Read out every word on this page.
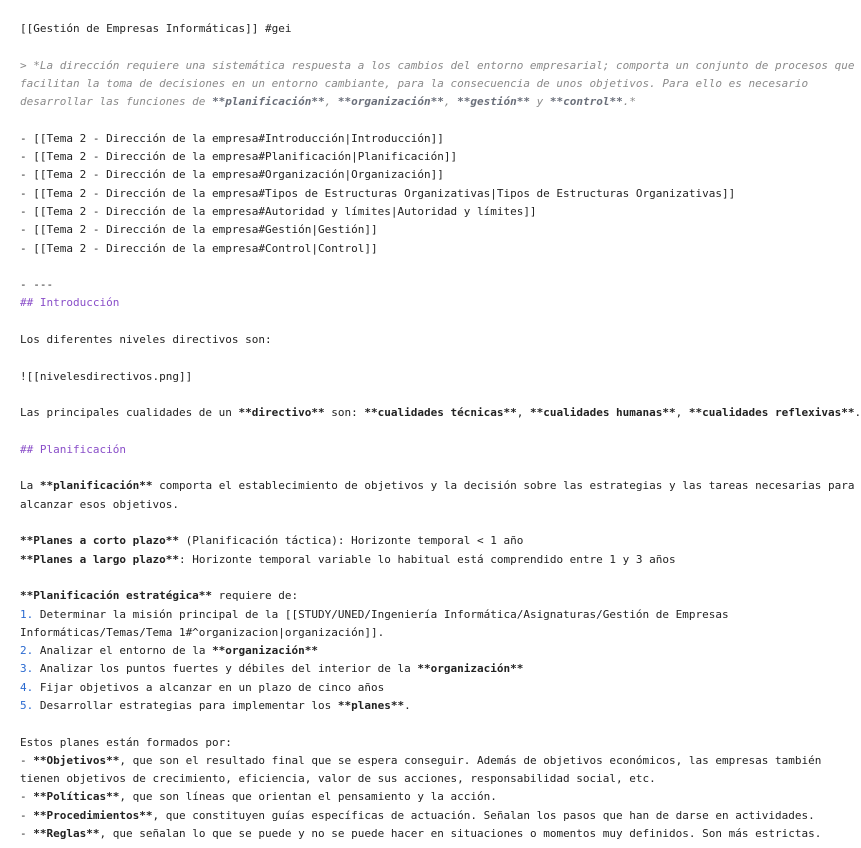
[[Gestión de Empresas Informáticas]] #gei
> *La dirección requiere una sistemática respuesta a los cambios del entorno empresarial; comporta un conjunto de procesos que facilitan la toma de decisiones en un entorno cambiante, para la consecuencia de unos objetivos. Para ello es necesario desarrollar las funciones de **planificación**, **organización**, **gestión** y **control**.*
- [[Tema 2 - Dirección de la empresa#Introducción|Introducción]]
- [[Tema 2 - Dirección de la empresa#Planificación|Planificación]]
- [[Tema 2 - Dirección de la empresa#Organización|Organización]]
- [[Tema 2 - Dirección de la empresa#Tipos de Estructuras Organizativas|Tipos de Estructuras Organizativas]]
- [[Tema 2 - Dirección de la empresa#Autoridad y límites|Autoridad y límites]]
- [[Tema 2 - Dirección de la empresa#Gestión|Gestión]]
- [[Tema 2 - Dirección de la empresa#Control|Control]]
- ---
## Introducción
Los diferentes niveles directivos son:
![[nivelesdirectivos.png]]
Las principales cualidades de un **directivo** son: **cualidades técnicas**, **cualidades humanas**, **cualidades reflexivas**.
## Planificación
La **planificación** comporta el establecimiento de objetivos y la decisión sobre las estrategias y las tareas necesarias para alcanzar esos objetivos.
**Planes a corto plazo** (Planificación táctica): Horizonte temporal < 1 año
**Planes a largo plazo**: Horizonte temporal variable lo habitual está comprendido entre 1 y 3 años
**Planificación estratégica** requiere de:
1. Determinar la misión principal de la [[STUDY/UNED/Ingeniería Informática/Asignaturas/Gestión de Empresas Informáticas/Temas/Tema 1#^organizacion|organización]].
2. Analizar el entorno de la **organización**
3. Analizar los puntos fuertes y débiles del interior de la **organización**
4. Fijar objetivos a alcanzar en un plazo de cinco años
5. Desarrollar estrategias para implementar los **planes**.
Estos planes están formados por:
- **Objetivos**, que son el resultado final que se espera conseguir. Además de objetivos económicos, las empresas también tienen objetivos de crecimiento, eficiencia, valor de sus acciones, responsabilidad social, etc.
- **Políticas**, que son líneas que orientan el pensamiento y la acción.
- **Procedimientos**, que constituyen guías específicas de actuación. Señalan los pasos que han de darse en actividades.
- **Reglas**, que señalan lo que se puede y no se puede hacer en situaciones o momentos muy definidos. Son más estrictas.
